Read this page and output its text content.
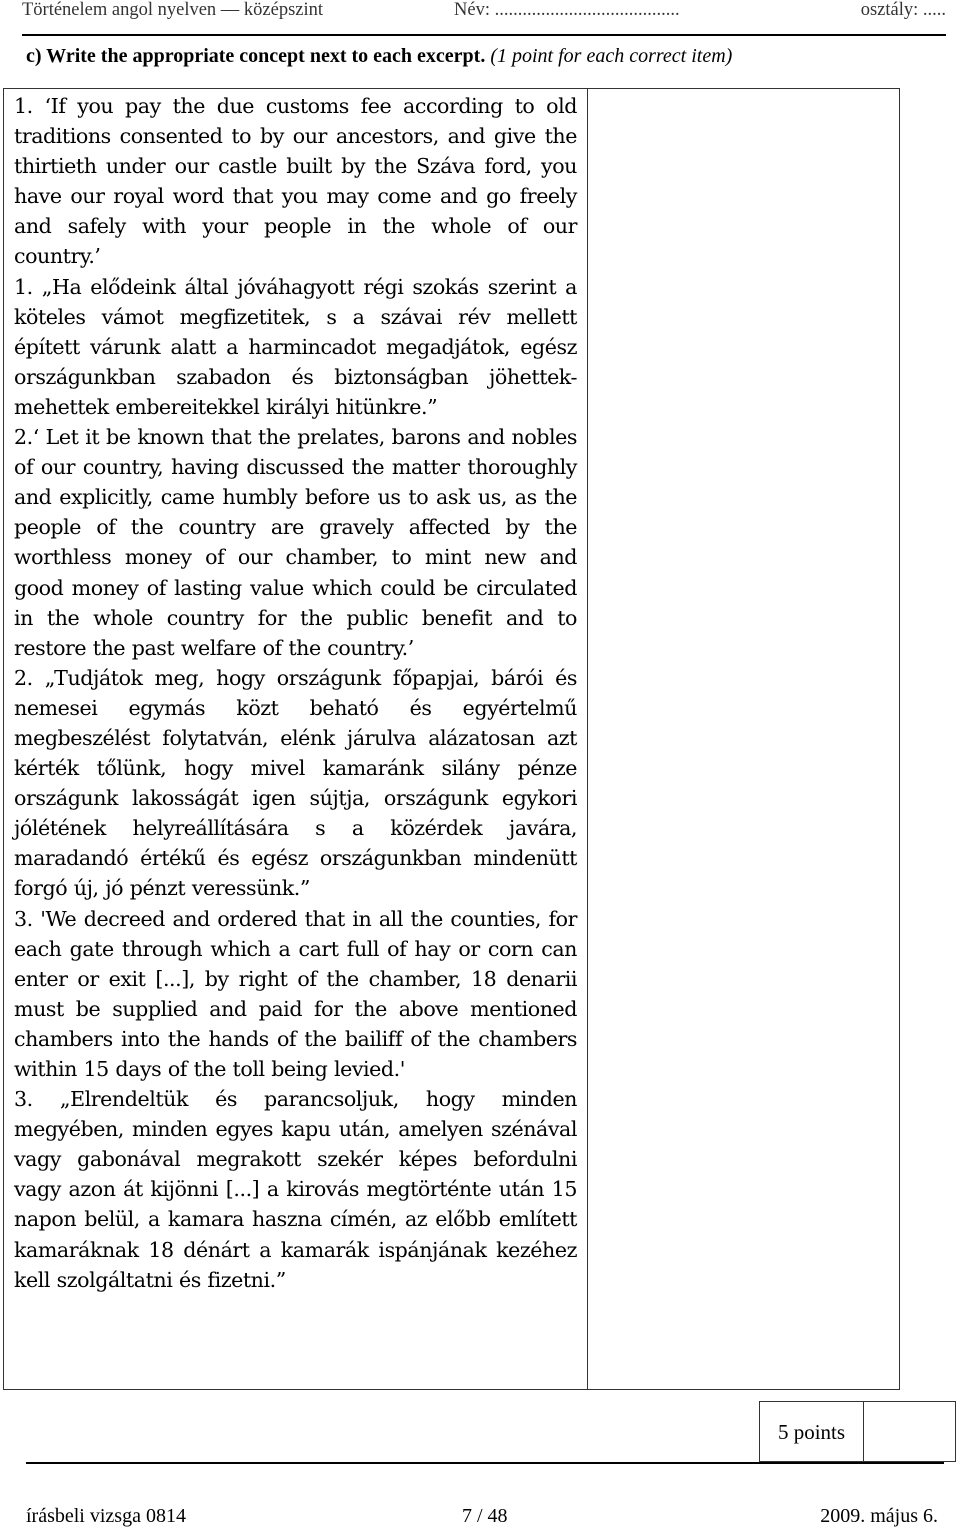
Történelem angol nyelven — középszint	Név: ........................................	osztály: .....
c) Write the appropriate concept next to each excerpt. (1 point for each correct item)

1. ‘If you pay the due customs fee according to old traditions consented to by our ancestors, and give the thirtieth under our castle built by the Száva ford, you have our royal word that you may come and go freely and safely with your people in the whole of our country.’

1. „Ha elődeink által jóváhagyott régi szokás szerint a köteles vámot megfizetitek, s a szávai rév mellett épített várunk alatt a harmincadot megadjátok, egész országunkban szabadon és biztonságban jöhettek-mehettek embereitekkel királyi hitünkre.”

2.‘ Let it be known that the prelates, barons and nobles of our country, having discussed the matter thoroughly and explicitly, came humbly before us to ask us, as the people of the country are gravely affected by the worthless money of our chamber, to mint new and good money of lasting value which could be circulated in the whole country for the public benefit and to restore the past welfare of the country.’

2. „Tudjátok meg, hogy országunk főpapjai, bárói és nemesei egymás közt beható és egyértelmű megbeszélést folytatván, elénk járulva alázatosan azt kérték tőlünk, hogy mivel kamaránk silány pénze országunk lakosságát igen sújtja, országunk egykori jólétének helyreállítására s a közérdek javára, maradandó értékű és egész országunkban mindenütt forgó új, jó pénzt veressünk.”

3. 'We decreed and ordered that in all the counties, for each gate through which a cart full of hay or corn can enter or exit [...], by right of the chamber, 18 denarii must be supplied and paid for the above mentioned chambers into the hands of the bailiff of the chambers within 15 days of the toll being levied.'

3. „Elrendeltük és parancsoljuk, hogy minden megyében, minden egyes kapu után, amelyen szénával vagy gabonával megrakott szekér képes befordulni vagy azon át kijönni [...] a kirovás megtörténte után 15 napon belül, a kamara haszna címén, az előbb említett kamaráknak 18 dénárt a kamarák ispánjának kezéhez kell szolgáltatni és fizetni.”

5 points
írásbeli vizsga 0814	7 / 48	2009. május 6.
